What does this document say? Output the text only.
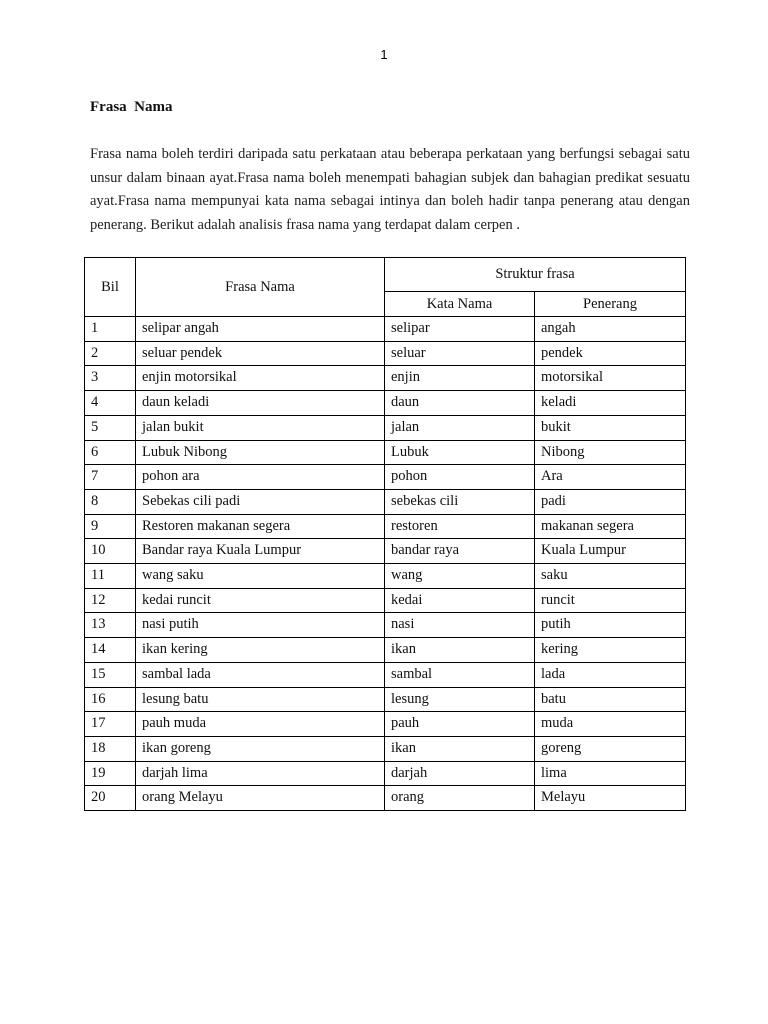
1
Frasa  Nama
Frasa nama boleh terdiri daripada satu perkataan atau beberapa perkataan yang berfungsi sebagai satu unsur dalam binaan ayat.Frasa nama boleh menempati bahagian subjek dan bahagian predikat sesuatu ayat.Frasa nama mempunyai kata nama sebagai intinya dan boleh hadir tanpa penerang atau dengan penerang. Berikut adalah analisis frasa nama yang terdapat dalam cerpen .
Bil	Frasa Nama	Struktur frasa	
		Kata Nama	Penerang
1	selipar angah	selipar	angah
2	seluar pendek	seluar	pendek
3	enjin motorsikal	enjin	motorsikal
4	daun keladi	daun	keladi
5	jalan bukit	jalan	bukit
6	Lubuk Nibong	Lubuk	Nibong
7	pohon ara	pohon	Ara
8	Sebekas cili padi	sebekas cili	padi
9	Restoren makanan segera	restoren	makanan segera
10	Bandar raya Kuala Lumpur	bandar raya	Kuala Lumpur
11	wang saku	wang	saku
12	kedai runcit	kedai	runcit
13	nasi putih	nasi	putih
14	ikan kering	ikan	kering
15	sambal lada	sambal	lada
16	lesung batu	lesung	batu
17	pauh muda	pauh	muda
18	ikan goreng	ikan	goreng
19	darjah lima	darjah	lima
20	orang Melayu	orang	Melayu
